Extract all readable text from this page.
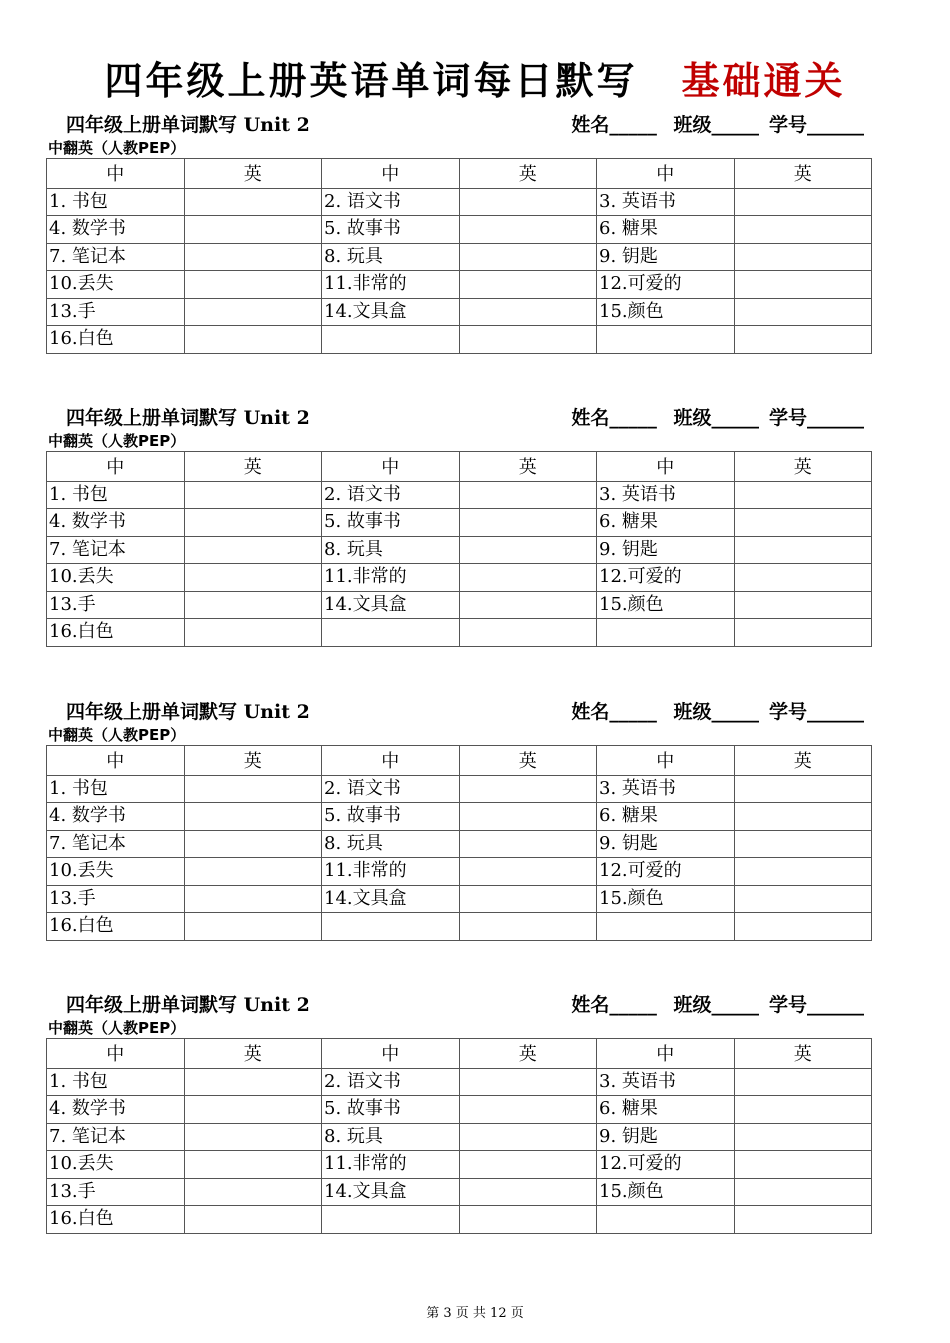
四年级上册英语单词每日默写 基础通关
四年级上册单词默写 Unit 2	姓名_____ 班级_____ 学号______
中翻英（人教PEP）
中	英	中	英	中	英
1. 书包		2. 语文书		3. 英语书	
4. 数学书		5. 故事书		6. 糖果	
7. 笔记本		8. 玩具		9. 钥匙	
10.丢失		11.非常的		12.可爱的	
13.手		14.文具盒		15.颜色	
16.白色					
四年级上册单词默写 Unit 2	姓名_____ 班级_____ 学号______
中翻英（人教PEP）
中	英	中	英	中	英
1. 书包		2. 语文书		3. 英语书	
4. 数学书		5. 故事书		6. 糖果	
7. 笔记本		8. 玩具		9. 钥匙	
10.丢失		11.非常的		12.可爱的	
13.手		14.文具盒		15.颜色	
16.白色					
四年级上册单词默写 Unit 2	姓名_____ 班级_____ 学号______
中翻英（人教PEP）
中	英	中	英	中	英
1. 书包		2. 语文书		3. 英语书	
4. 数学书		5. 故事书		6. 糖果	
7. 笔记本		8. 玩具		9. 钥匙	
10.丢失		11.非常的		12.可爱的	
13.手		14.文具盒		15.颜色	
16.白色					
四年级上册单词默写 Unit 2	姓名_____ 班级_____ 学号______
中翻英（人教PEP）
中	英	中	英	中	英
1. 书包		2. 语文书		3. 英语书	
4. 数学书		5. 故事书		6. 糖果	
7. 笔记本		8. 玩具		9. 钥匙	
10.丢失		11.非常的		12.可爱的	
13.手		14.文具盒		15.颜色	
16.白色					
第 3 页 共 12 页
